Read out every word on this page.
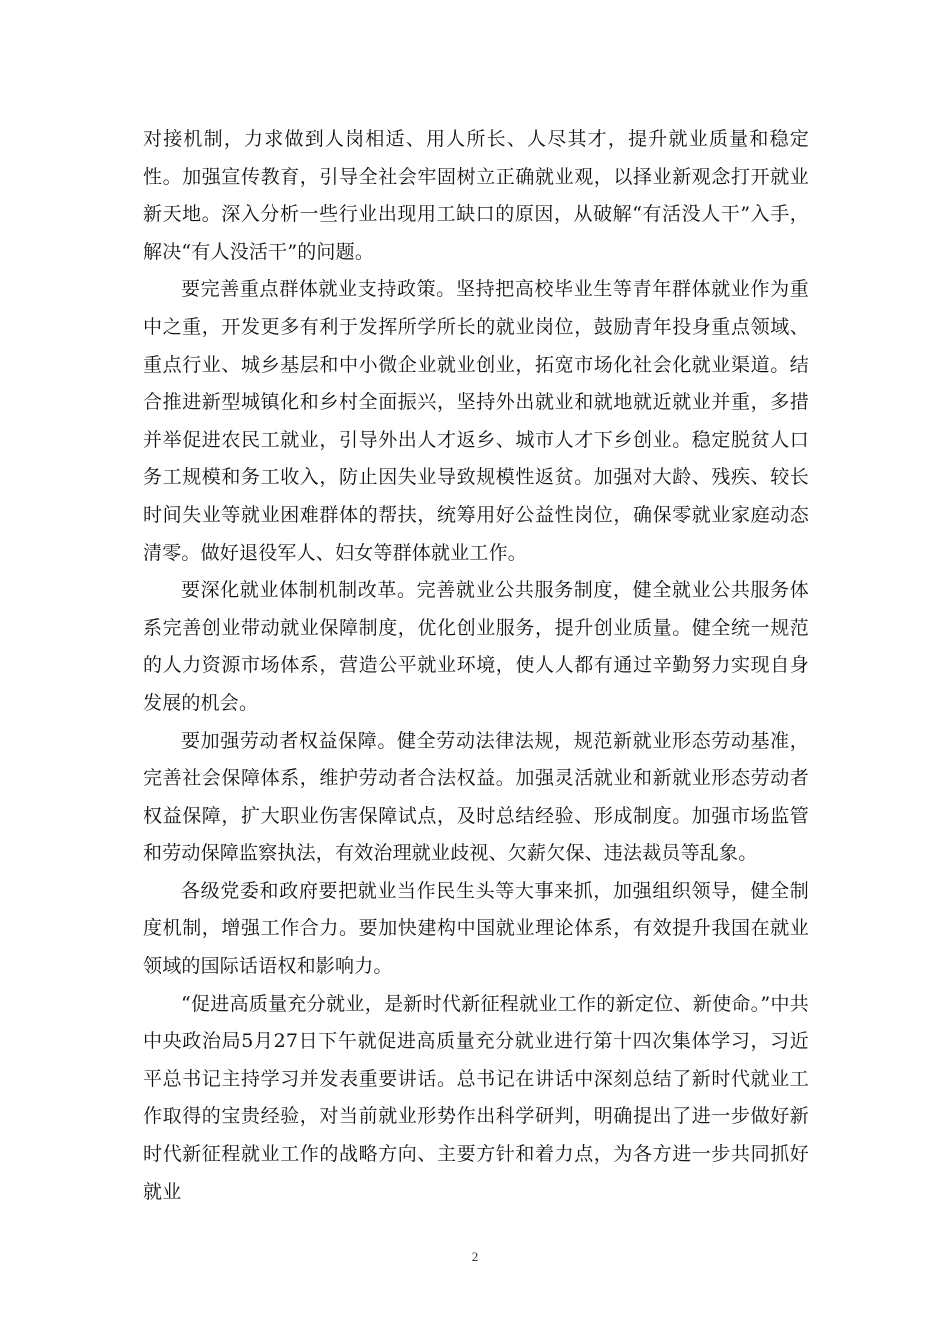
对接机制，力求做到人岗相适、用人所长、人尽其才，提升就业质量和稳定性。加强宣传教育，引导全社会牢固树立正确就业观，以择业新观念打开就业新天地。深入分析一些行业出现用工缺口的原因，从破解“有活没人干”入手，解决“有人没活干”的问题。

要完善重点群体就业支持政策。坚持把高校毕业生等青年群体就业作为重中之重，开发更多有利于发挥所学所长的就业岗位，鼓励青年投身重点领域、重点行业、城乡基层和中小微企业就业创业，拓宽市场化社会化就业渠道。结合推进新型城镇化和乡村全面振兴，坚持外出就业和就地就近就业并重，多措并举促进农民工就业，引导外出人才返乡、城市人才下乡创业。稳定脱贫人口务工规模和务工收入，防止因失业导致规模性返贫。加强对大龄、残疾、较长时间失业等就业困难群体的帮扶，统筹用好公益性岗位，确保零就业家庭动态清零。做好退役军人、妇女等群体就业工作。

要深化就业体制机制改革。完善就业公共服务制度，健全就业公共服务体系完善创业带动就业保障制度，优化创业服务，提升创业质量。健全统一规范的人力资源市场体系，营造公平就业环境，使人人都有通过辛勤努力实现自身发展的机会。

要加强劳动者权益保障。健全劳动法律法规，规范新就业形态劳动基准，完善社会保障体系，维护劳动者合法权益。加强灵活就业和新就业形态劳动者权益保障，扩大职业伤害保障试点，及时总结经验、形成制度。加强市场监管和劳动保障监察执法，有效治理就业歧视、欠薪欠保、违法裁员等乱象。

各级党委和政府要把就业当作民生头等大事来抓，加强组织领导，健全制度机制，增强工作合力。要加快建构中国就业理论体系，有效提升我国在就业领域的国际话语权和影响力。

“促进高质量充分就业，是新时代新征程就业工作的新定位、新使命。”中共中央政治局5月27日下午就促进高质量充分就业进行第十四次集体学习，习近平总书记主持学习并发表重要讲话。总书记在讲话中深刻总结了新时代就业工作取得的宝贵经验，对当前就业形势作出科学研判，明确提出了进一步做好新时代新征程就业工作的战略方向、主要方针和着力点，为各方进一步共同抓好就业

2
